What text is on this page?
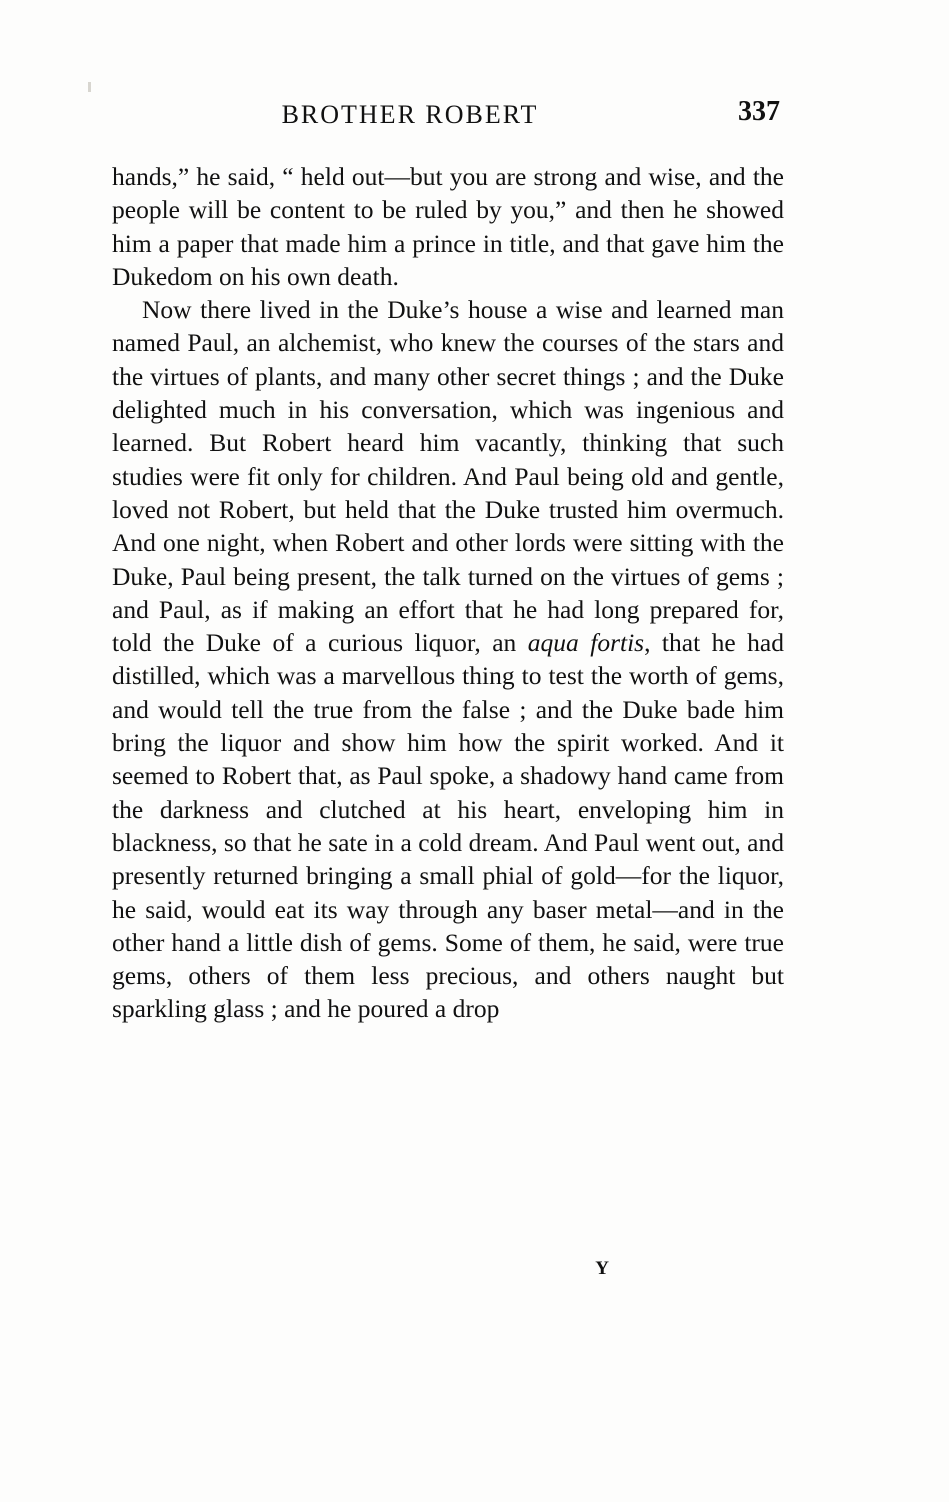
BROTHER ROBERT	337

hands,” he said, “ held out—but you are strong and wise, and the people will be content to be ruled by you,” and then he showed him a paper that made him a prince in title, and that gave him the Dukedom on his own death.

Now there lived in the Duke’s house a wise and learned man named Paul, an alchemist, who knew the courses of the stars and the virtues of plants, and many other secret things ; and the Duke delighted much in his conversation, which was ingenious and learned. But Robert heard him vacantly, thinking that such studies were fit only for children. And Paul being old and gentle, loved not Robert, but held that the Duke trusted him overmuch. And one night, when Robert and other lords were sitting with the Duke, Paul being present, the talk turned on the virtues of gems ; and Paul, as if making an effort that he had long prepared for, told the Duke of a curious liquor, an aqua fortis, that he had distilled, which was a marvellous thing to test the worth of gems, and would tell the true from the false ; and the Duke bade him bring the liquor and show him how the spirit worked. And it seemed to Robert that, as Paul spoke, a shadowy hand came from the darkness and clutched at his heart, enveloping him in blackness, so that he sate in a cold dream. And Paul went out, and presently returned bringing a small phial of gold—for the liquor, he said, would eat its way through any baser metal—and in the other hand a little dish of gems. Some of them, he said, were true gems, others of them less precious, and others naught but sparkling glass ; and he poured a drop

Y
